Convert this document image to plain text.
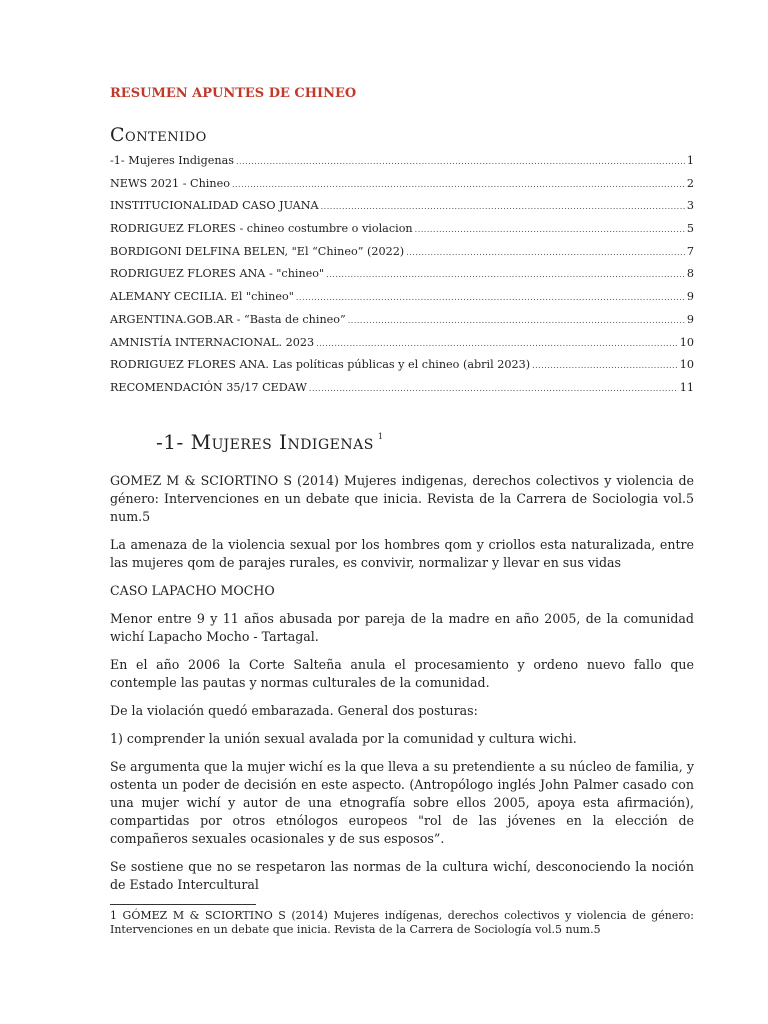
RESUMEN APUNTES DE CHINEO
Contenido
-1- Mujeres Indigenas .....	1
NEWS 2021 - Chineo .....	2
INSTITUCIONALIDAD CASO JUANA .....	3
RODRIGUEZ FLORES - chineo costumbre o violacion .....	5
BORDIGONI DELFINA BELEN, "El “Chineo” (2022) .....	7
RODRIGUEZ FLORES ANA - "chineo" .....	8
ALEMANY CECILIA. El "chineo" .....	9
ARGENTINA.GOB.AR - “Basta de chineo” .....	9
AMNISTÍA INTERNACIONAL. 2023 .....	10
RODRIGUEZ FLORES ANA. Las políticas públicas y el chineo (abril 2023) .....	10
RECOMENDACIÓN 35/17 CEDAW .....	11
-1- Mujeres Indigenas $^1$

GOMEZ M & SCIORTINO S (2014) Mujeres indigenas, derechos colectivos y violencia de género: Intervenciones en un debate que inicia. Revista de la Carrera de Sociologia vol.5 num.5

La amenaza de la violencia sexual por los hombres qom y criollos esta naturalizada, entre las mujeres qom de parajes rurales, es convivir, normalizar y llevar en sus vidas

CASO LAPACHO MOCHO

Menor entre 9 y 11 años abusada por pareja de la madre en año 2005, de la comunidad wichí Lapacho Mocho - Tartagal.

En el año 2006 la Corte Salteña anula el procesamiento y ordeno nuevo fallo que contemple las pautas y normas culturales de la comunidad.

De la violación quedó embarazada. General dos posturas:

1) comprender la unión sexual avalada por la comunidad y cultura wichi.

Se argumenta que la mujer wichí es la que lleva a su pretendiente a su núcleo de familia, y ostenta un poder de decisión en este aspecto. (Antropólogo inglés John Palmer casado con una mujer wichí y autor de una etnografía sobre ellos 2005, apoya esta afirmación), compartidas por otros etnólogos europeos "rol de las jóvenes en la elección de compañeros sexuales ocasionales y de sus esposos”.

Se sostiene que no se respetaron las normas de la cultura wichí, desconociendo la noción de Estado Intercultural

1 GÓMEZ M & SCIORTINO S (2014) Mujeres indígenas, derechos colectivos y violencia de género: Intervenciones en un debate que inicia. Revista de la Carrera de Sociología vol.5 num.5
